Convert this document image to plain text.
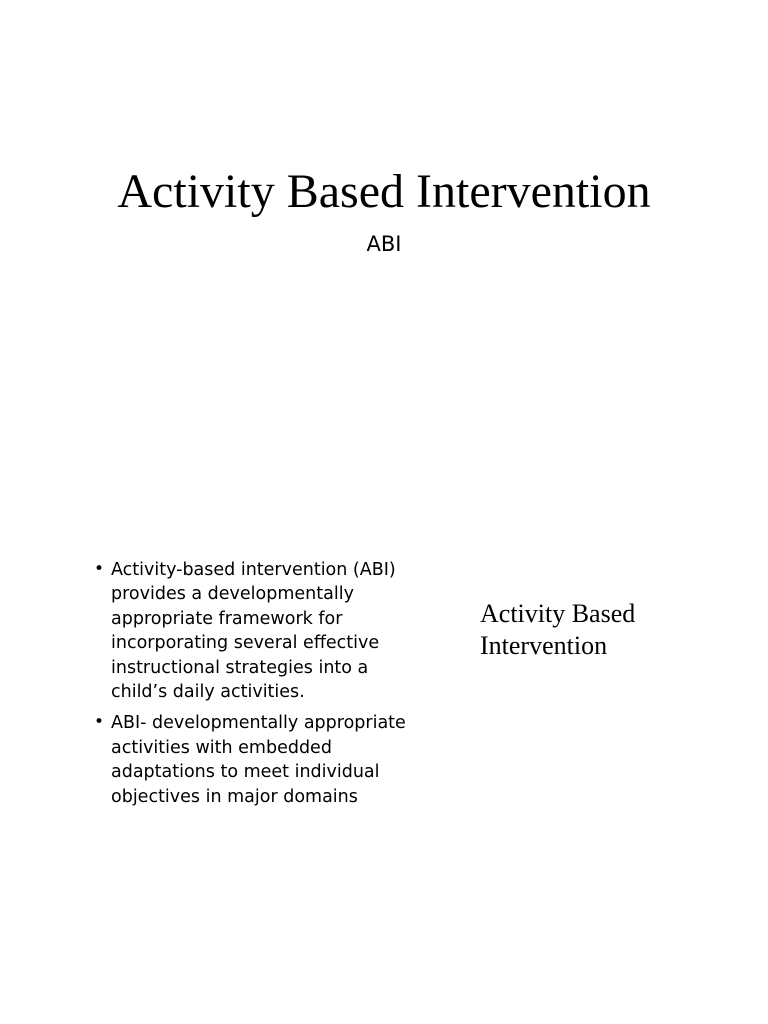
Activity Based Intervention

ABI

• Activity-based intervention (ABI) provides a developmentally appropriate framework for incorporating several effective instructional strategies into a child’s daily activities.
• ABI- developmentally appropriate activities with embedded adaptations to meet individual objectives in major domains
Activity Based
Intervention
